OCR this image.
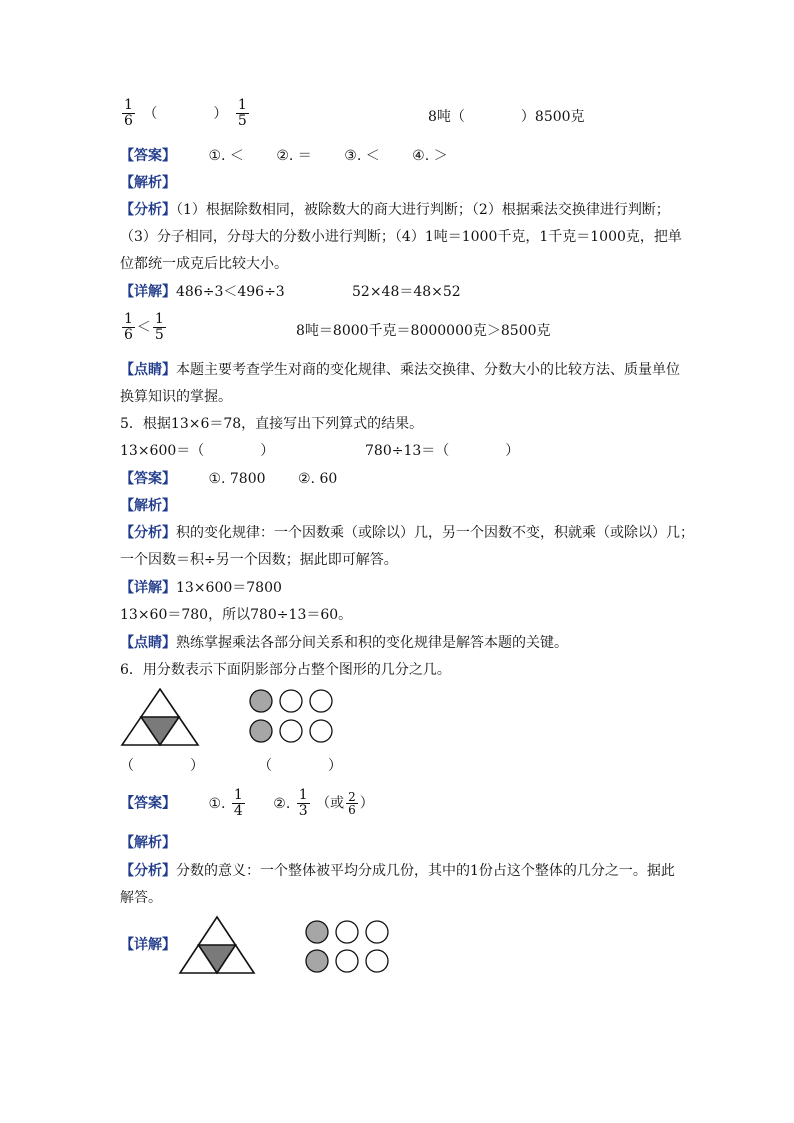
$\frac{1}{6}$ （　　　　） $\frac{1}{5}$	8吨（　　　　）8500克
【答案】 ①. ＜ ②. ＝ ③. ＜ ④. ＞
【解析】
【分析】（1）根据除数相同，被除数大的商大进行判断；（2）根据乘法交换律进行判断；
（3）分子相同，分母大的分数小进行判断；（4）1吨＝1000千克，1千克＝1000克，把单
位都统一成克后比较大小。
【详解】486÷3＜496÷3	52×48＝48×52
$\frac{1}{6} < \frac{1}{5}$	8吨＝8000千克＝8000000克＞8500克
【点睛】本题主要考查学生对商的变化规律、乘法交换律、分数大小的比较方法、质量单位
换算知识的掌握。
5．根据13×6＝78，直接写出下列算式的结果。
13×600＝（　　　　）	780÷13＝（　　　　）
【答案】 ①. 7800 ②. 60
【解析】
【分析】积的变化规律：一个因数乘（或除以）几，另一个因数不变，积就乘（或除以）几；
一个因数＝积÷另一个因数；据此即可解答。
【详解】13×600＝7800
13×60＝780，所以780÷13＝60。
【点睛】熟练掌握乘法各部分间关系和积的变化规律是解答本题的关键。
6．用分数表示下面阴影部分占整个图形的几分之几。
（　　　　）	（　　　　）
【答案】 ①. $\frac{1}{4}$ ②. $\frac{1}{3}$ （或 $\frac{2}{6}$ ）
【解析】
【分析】分数的意义：一个整体被平均分成几份，其中的1份占这个整体的几分之一。据此
解答。
【详解】
